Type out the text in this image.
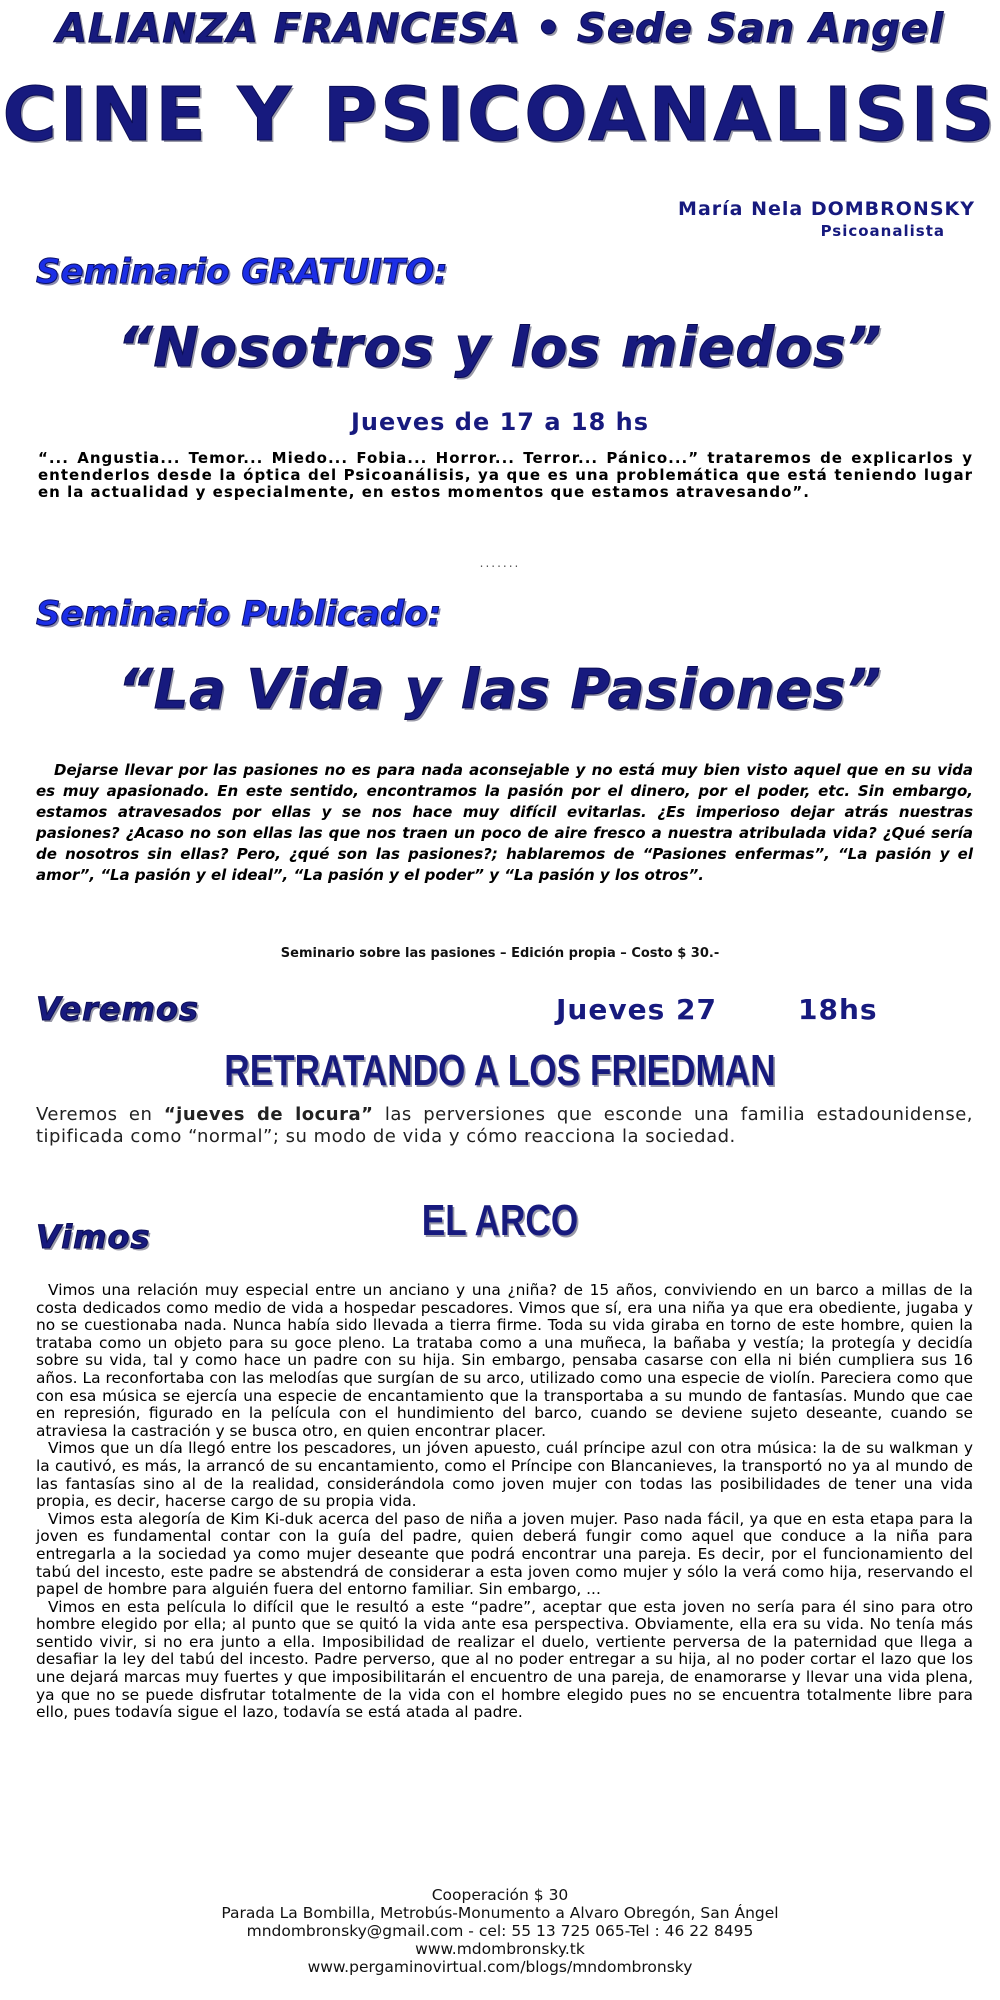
ALIANZA FRANCESA • Sede San Angel
CINE Y PSICOANALISIS
María Nela DOMBRONSKY
Psicoanalista
Seminario GRATUITO:
“Nosotros y los miedos”
Jueves de 17 a 18 hs
“... Angustia... Temor... Miedo... Fobia... Horror... Terror... Pánico...” trataremos de explicarlos y entenderlos desde la óptica del Psicoanálisis, ya que es una problemática que está teniendo lugar en la actualidad y especialmente, en estos momentos que estamos atravesando”.
.......
Seminario Publicado:
“La Vida y las Pasiones”
Dejarse llevar por las pasiones no es para nada aconsejable y no está muy bien visto aquel que en su vida es muy apasionado. En este sentido, encontramos la pasión por el dinero, por el poder, etc. Sin embargo, estamos atravesados por ellas y se nos hace muy difícil evitarlas. ¿Es imperioso dejar atrás nuestras pasiones? ¿Acaso no son ellas las que nos traen un poco de aire fresco a nuestra atribulada vida? ¿Qué sería de nosotros sin ellas? Pero, ¿qué son las pasiones?; hablaremos de “Pasiones enfermas”, “La pasión y el amor”, “La pasión y el ideal”, “La pasión y el poder” y “La pasión y los otros”.
Seminario sobre las pasiones – Edición propia – Costo $ 30.-
Veremos	Jueves 27	18hs
RETRATANDO A LOS FRIEDMAN
Veremos en “jueves de locura” las perversiones que esconde una familia estadounidense, tipificada como “normal”; su modo de vida y cómo reacciona la sociedad.
Vimos	EL ARCO
Vimos una relación muy especial entre un anciano y una ¿niña? de 15 años, conviviendo en un barco a millas de la costa dedicados como medio de vida a hospedar pescadores. Vimos que sí, era una niña ya que era obediente, jugaba y no se cuestionaba nada. Nunca había sido llevada a tierra firme. Toda su vida giraba en torno de este hombre, quien la trataba como un objeto para su goce pleno. La trataba como a una muñeca, la bañaba y vestía; la protegía y decidía sobre su vida, tal y como hace un padre con su hija. Sin embargo, pensaba casarse con ella ni bién cumpliera sus 16 años. La reconfortaba con las melodías que surgían de su arco, utilizado como una especie de violín. Pareciera como que con esa música se ejercía una especie de encantamiento que la transportaba a su mundo de fantasías. Mundo que cae en represión, figurado en la película con el hundimiento del barco, cuando se deviene sujeto deseante, cuando se atraviesa la castración y se busca otro, en quien encontrar placer.
Vimos que un día llegó entre los pescadores, un jóven apuesto, cuál príncipe azul con otra música: la de su walkman y la cautivó, es más, la arrancó de su encantamiento, como el Príncipe con Blancanieves, la transportó no ya al mundo de las fantasías sino al de la realidad, considerándola como joven mujer con todas las posibilidades de tener una vida propia, es decir, hacerse cargo de su propia vida.
Vimos esta alegoría de Kim Ki-duk acerca del paso de niña a joven mujer. Paso nada fácil, ya que en esta etapa para la joven es fundamental contar con la guía del padre, quien deberá fungir como aquel que conduce a la niña para entregarla a la sociedad ya como mujer deseante que podrá encontrar una pareja. Es decir, por el funcionamiento del tabú del incesto, este padre se abstendrá de considerar a esta joven como mujer y sólo la verá como hija, reservando el papel de hombre para alguién fuera del entorno familiar. Sin embargo, ...
Vimos en esta película lo difícil que le resultó a este “padre”, aceptar que esta joven no sería para él sino para otro hombre elegido por ella; al punto que se quitó la vida ante esa perspectiva. Obviamente, ella era su vida. No tenía más sentido vivir, si no era junto a ella. Imposibilidad de realizar el duelo, vertiente perversa de la paternidad que llega a desafiar la ley del tabú del incesto. Padre perverso, que al no poder entregar a su hija, al no poder cortar el lazo que los une dejará marcas muy fuertes y que imposibilitarán el encuentro de una pareja, de enamorarse y llevar una vida plena, ya que no se puede disfrutar totalmente de la vida con el hombre elegido pues no se encuentra totalmente libre para ello, pues todavía sigue el lazo, todavía se está atada al padre.
Cooperación $ 30
Parada La Bombilla, Metrobús-Monumento a Alvaro Obregón, San Ángel
mndombronsky@gmail.com - cel: 55 13 725 065-Tel : 46 22 8495
www.mdombronsky.tk
www.pergaminovirtual.com/blogs/mndombronsky
